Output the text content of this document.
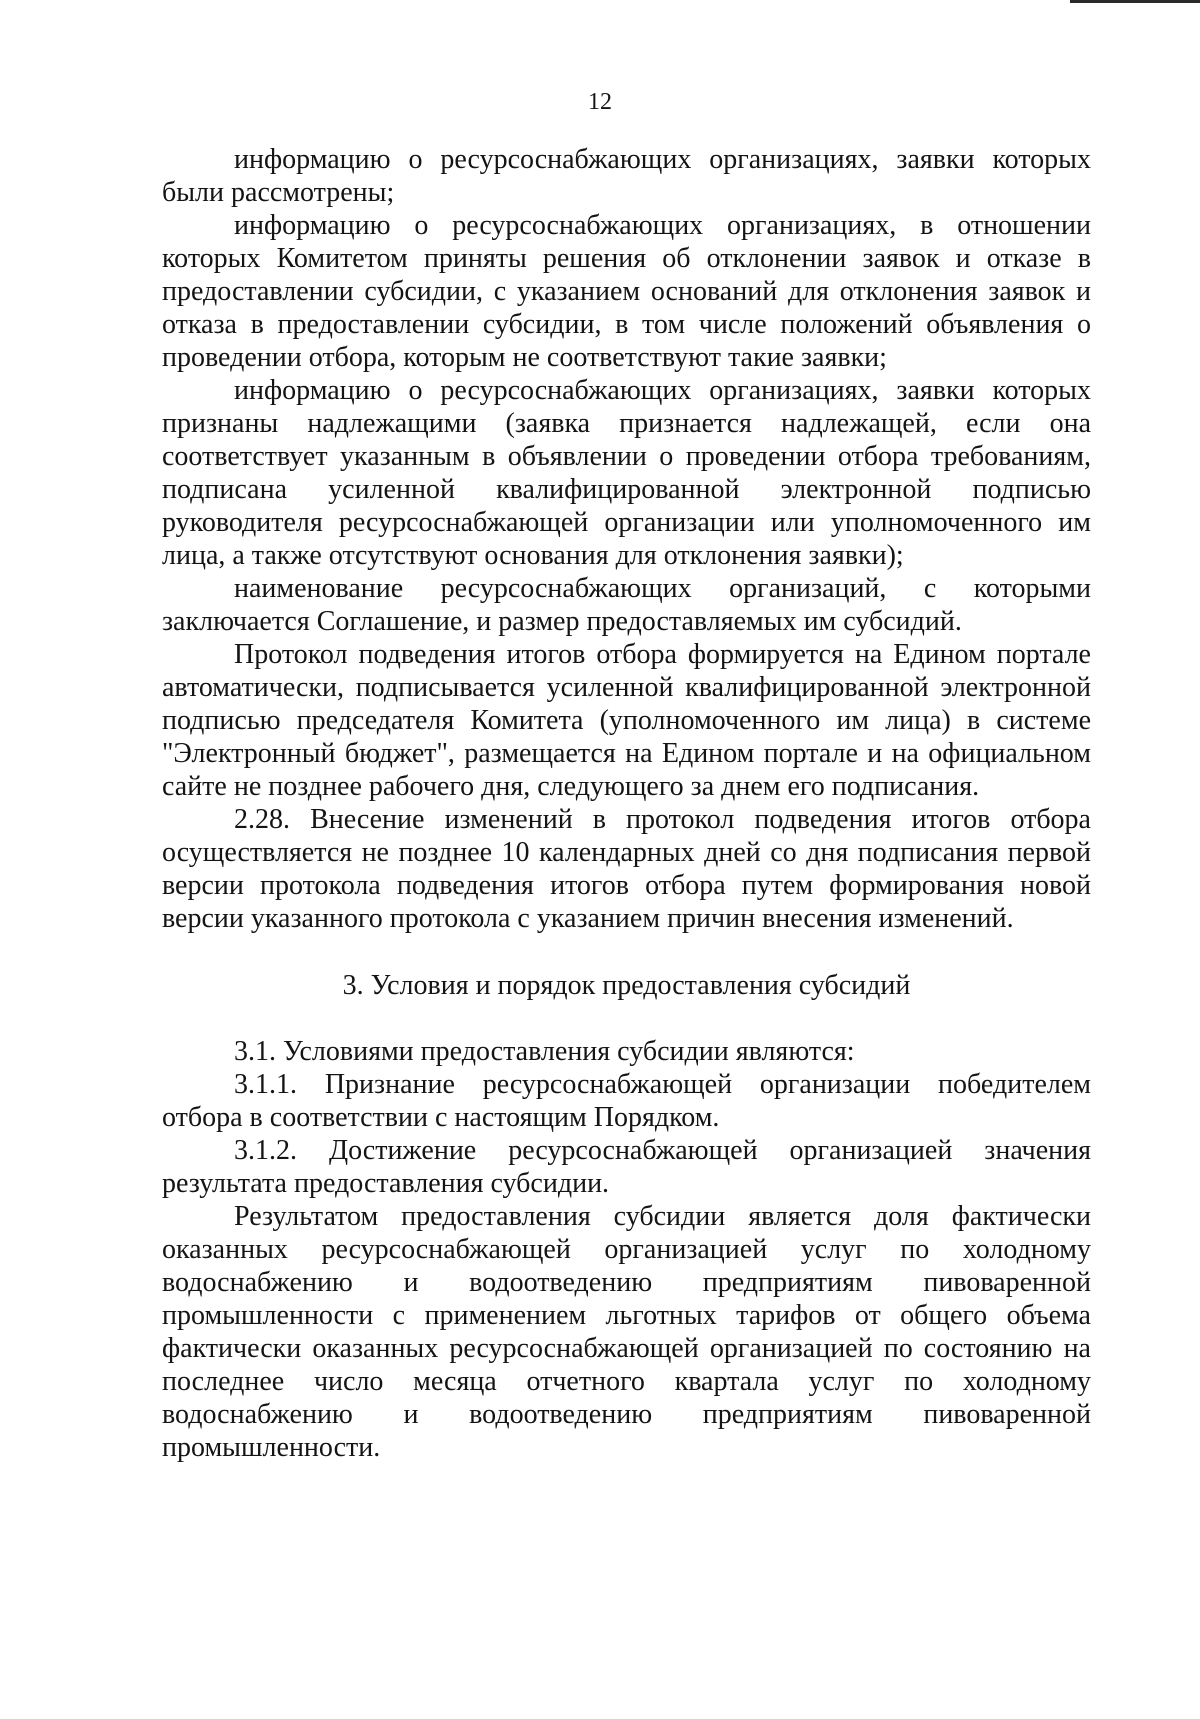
12

информацию о ресурсоснабжающих организациях, заявки которых были рассмотрены;

информацию о ресурсоснабжающих организациях, в отношении которых Комитетом приняты решения об отклонении заявок и отказе в предоставлении субсидии, с указанием оснований для отклонения заявок и отказа в предоставлении субсидии, в том числе положений объявления о проведении отбора, которым не соответствуют такие заявки;

информацию о ресурсоснабжающих организациях, заявки которых признаны надлежащими (заявка признается надлежащей, если она соответствует указанным в объявлении о проведении отбора требованиям, подписана усиленной квалифицированной электронной подписью руководителя ресурсоснабжающей организации или уполномоченного им лица, а также отсутствуют основания для отклонения заявки);

наименование ресурсоснабжающих организаций, с которыми заключается Соглашение, и размер предоставляемых им субсидий.

Протокол подведения итогов отбора формируется на Едином портале автоматически, подписывается усиленной квалифицированной электронной подписью председателя Комитета (уполномоченного им лица) в системе "Электронный бюджет", размещается на Едином портале и на официальном сайте не позднее рабочего дня, следующего за днем его подписания.

2.28. Внесение изменений в протокол подведения итогов отбора осуществляется не позднее 10 календарных дней со дня подписания первой версии протокола подведения итогов отбора путем формирования новой версии указанного протокола с указанием причин внесения изменений.

3. Условия и порядок предоставления субсидий

3.1. Условиями предоставления субсидии являются:

3.1.1. Признание ресурсоснабжающей организации победителем отбора в соответствии с настоящим Порядком.

3.1.2. Достижение ресурсоснабжающей организацией значения результата предоставления субсидии.

Результатом предоставления субсидии является доля фактически оказанных ресурсоснабжающей организацией услуг по холодному водоснабжению и водоотведению предприятиям пивоваренной промышленности с применением льготных тарифов от общего объема фактически оказанных ресурсоснабжающей организацией по состоянию на последнее число месяца отчетного квартала услуг по холодному водоснабжению и водоотведению предприятиям пивоваренной промышленности.
